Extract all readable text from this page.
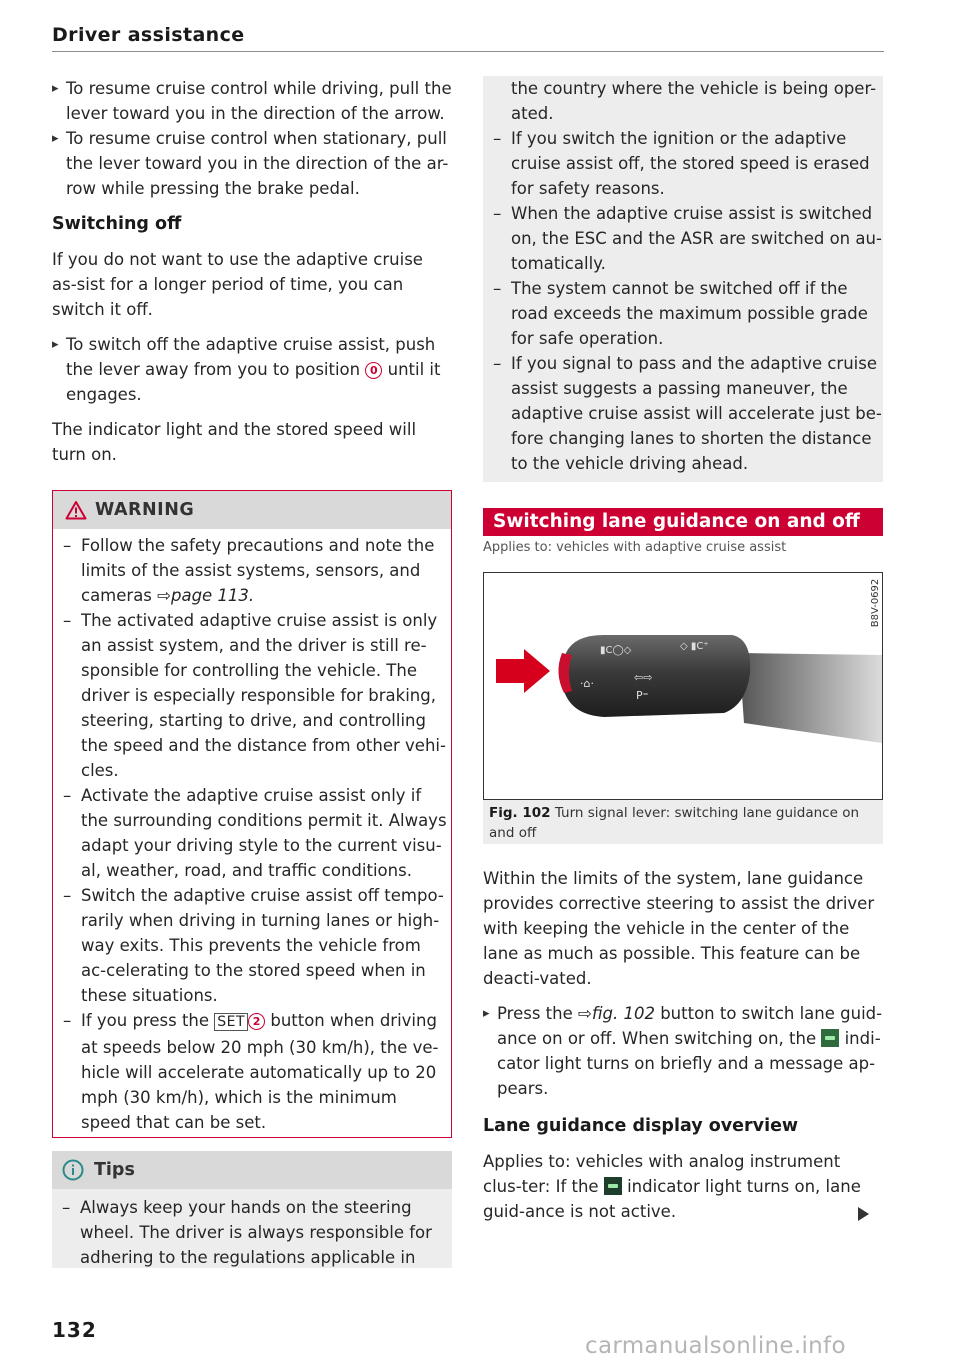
Driver assistance

▸ To resume cruise control while driving, pull the lever toward you in the direction of the arrow.

▸ To resume cruise control when stationary, pull the lever toward you in the direction of the ar-row while pressing the brake pedal.

Switching off

If you do not want to use the adaptive cruise as-sist for a longer period of time, you can switch it off.

▸ To switch off the adaptive cruise assist, push the lever away from you to position 0 until it engages.

The indicator light and the stored speed will turn on.

WARNING

– Follow the safety precautions and note the limits of the assist systems, sensors, and cameras ⇨page 113.

– The activated adaptive cruise assist is only an assist system, and the driver is still re-sponsible for controlling the vehicle. The driver is especially responsible for braking, steering, starting to drive, and controlling the speed and the distance from other vehi-cles.

– Activate the adaptive cruise assist only if the surrounding conditions permit it. Always adapt your driving style to the current visu-al, weather, road, and traffic conditions.

– Switch the adaptive cruise assist off tempo-rarily when driving in turning lanes or high-way exits. This prevents the vehicle from ac-celerating to the stored speed when in these situations.

– If you press the SET 2 button when driving at speeds below 20 mph (30 km/h), the ve-hicle will accelerate automatically up to 20 mph (30 km/h), which is the minimum speed that can be set.

Tips

– Always keep your hands on the steering wheel. The driver is always responsible for adhering to the regulations applicable in

the country where the vehicle is being oper-ated.

– If you switch the ignition or the adaptive cruise assist off, the stored speed is erased for safety reasons.

– When the adaptive cruise assist is switched on, the ESC and the ASR are switched on au-tomatically.

– The system cannot be switched off if the road exceeds the maximum possible grade for safe operation.

– If you signal to pass and the adaptive cruise assist suggests a passing maneuver, the adaptive cruise assist will accelerate just be-fore changing lanes to shorten the distance to the vehicle driving ahead.

Switching lane guidance on and off
Applies to: vehicles with adaptive cruise assist
▮C◯◇	◇ ▮C⁺
·⌂·	⇦⇨
P⁼
B8V-0692
Fig. 102 Turn signal lever: switching lane guidance on and off

Within the limits of the system, lane guidance provides corrective steering to assist the driver with keeping the vehicle in the center of the lane as much as possible. This feature can be deacti-vated.

▸ Press the ⇨fig. 102 button to switch lane guid-ance on or off. When switching on, the indi-cator light turns on briefly and a message ap-pears.

Lane guidance display overview

Applies to: vehicles with analog instrument clus-ter: If the indicator light turns on, lane guid-ance is not active.

132
carmanualsonline.info
